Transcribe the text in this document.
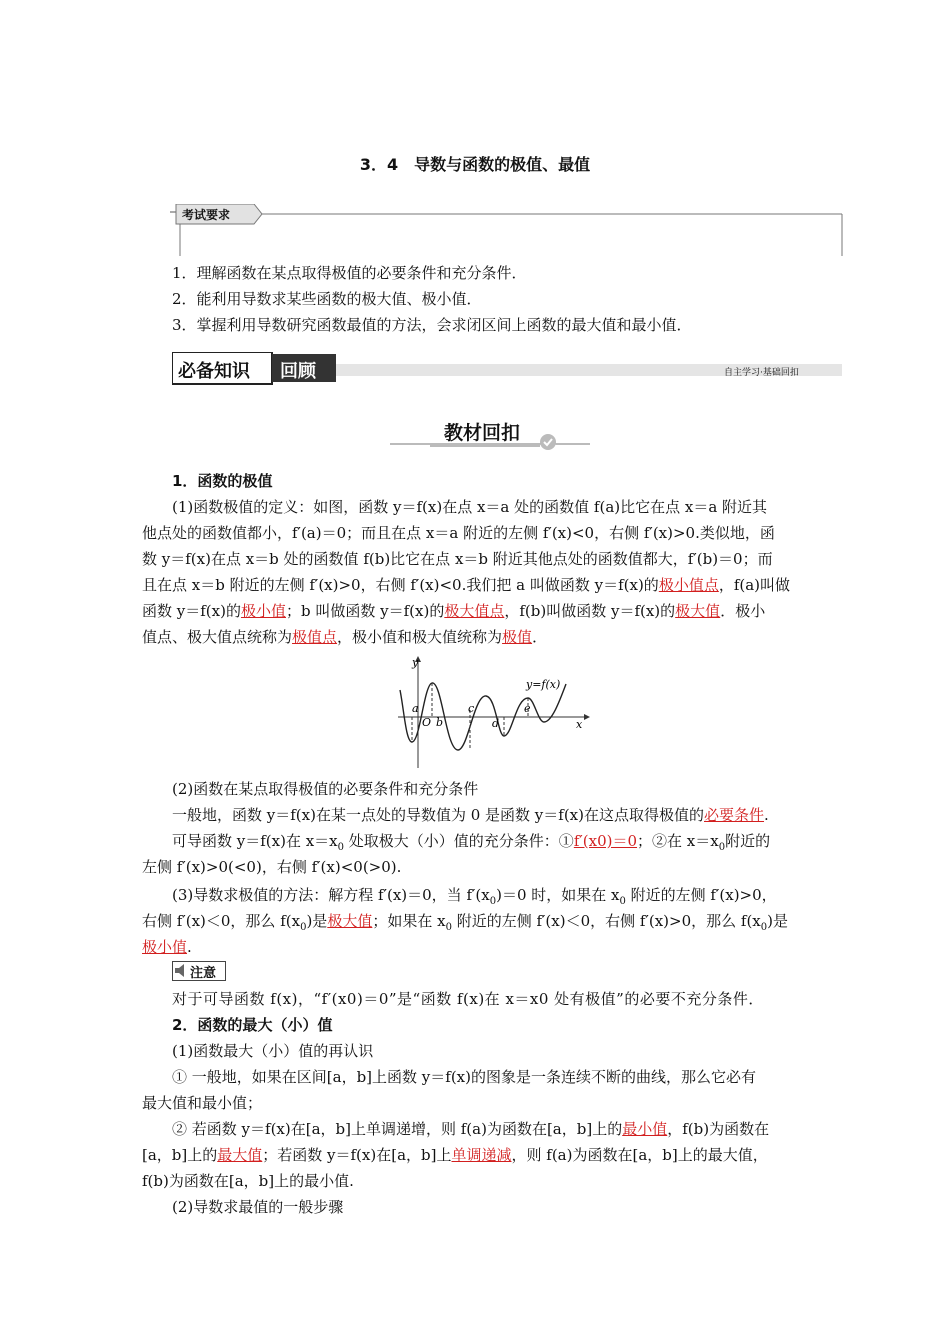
3．4　导数与函数的极值、最值
考试要求
1．理解函数在某点取得极值的必要条件和充分条件．
2．能利用导数求某些函数的极大值、极小值．
3．掌握利用导数研究函数最值的方法，会求闭区间上函数的最大值和最小值．
必备知识 回顾	自主学习·基础回扣
教材回扣
1．函数的极值
(1)函数极值的定义：如图，函数 y＝f(x)在点 x＝a 处的函数值 f(a)比它在点 x＝a 附近其
他点处的函数值都小，f′(a)＝0；而且在点 x＝a 附近的左侧 f′(x)<0，右侧 f′(x)>0.类似地，函
数 y＝f(x)在点 x＝b 处的函数值 f(b)比它在点 x＝b 附近其他点处的函数值都大，f′(b)＝0；而
且在点 x＝b 附近的左侧 f′(x)>0，右侧 f′(x)<0.我们把 a 叫做函数 y＝f(x)的极小值点，f(a)叫做
函数 y＝f(x)的极小值；b 叫做函数 y＝f(x)的极大值点，f(b)叫做函数 y＝f(x)的极大值．极小
值点、极大值点统称为极值点，极小值和极大值统称为极值．
y
x
O
a
b
c
d
e
y=f(x)
(2)函数在某点取得极值的必要条件和充分条件
一般地，函数 y＝f(x)在某一点处的导数值为 0 是函数 y＝f(x)在这点取得极值的必要条件.
可导函数 y＝f(x)在 $x=x_0$ 处取极大（小）值的充分条件：①f′(x0)＝0；②在 $x=x_0$附近的
左侧 f′(x)>0(<0)，右侧 f′(x)<0(>0).
(3)导数求极值的方法：解方程 f′(x)＝0，当 $f'(x_0)=0$ 时，如果在 $x_0$ 附近的左侧 f′(x)>0，
右侧 f′(x)＜0，那么 $f(x_0)$是极大值；如果在 $x_0$ 附近的左侧 f′(x)＜0，右侧 f′(x)>0，那么 $f(x_0)$是
极小值.
注意
对于可导函数 f(x)，“f′(x0)＝0”是“函数 f(x)在 x＝x0 处有极值”的必要不充分条件．
2．函数的最大（小）值
(1)函数最大（小）值的再认识
① 一般地，如果在区间[a，b]上函数 y＝f(x)的图象是一条连续不断的曲线，那么它必有
最大值和最小值；
② 若函数 y＝f(x)在[a，b]上单调递增，则 f(a)为函数在[a，b]上的最小值，f(b)为函数在
[a，b]上的最大值；若函数 y＝f(x)在[a，b]上单调递减，则 f(a)为函数在[a，b]上的最大值，
f(b)为函数在[a，b]上的最小值.
(2)导数求最值的一般步骤
